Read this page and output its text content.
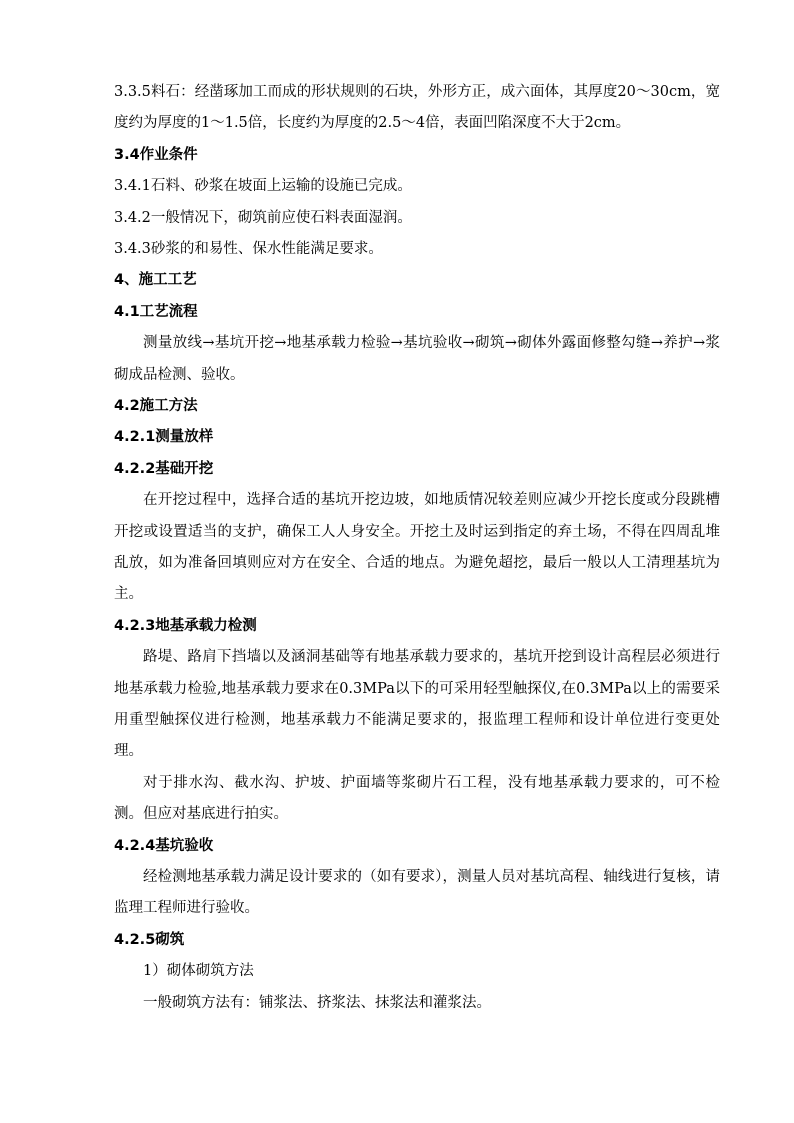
3.3.5料石：经凿琢加工而成的形状规则的石块，外形方正，成六面体，其厚度20～30cm，宽度约为厚度的1～1.5倍，长度约为厚度的2.5～4倍，表面凹陷深度不大于2cm。

3.4作业条件
3.4.1石料、砂浆在坡面上运输的设施已完成。
3.4.2一般情况下，砌筑前应使石料表面湿润。
3.4.3砂浆的和易性、保水性能满足要求。
4、施工工艺
4.1工艺流程

测量放线→基坑开挖→地基承载力检验→基坑验收→砌筑→砌体外露面修整勾缝→养护→浆砌成品检测、验收。

4.2施工方法
4.2.1测量放样
4.2.2基础开挖

在开挖过程中，选择合适的基坑开挖边坡，如地质情况较差则应减少开挖长度或分段跳槽开挖或设置适当的支护，确保工人人身安全。开挖土及时运到指定的弃土场，不得在四周乱堆乱放，如为准备回填则应对方在安全、合适的地点。为避免超挖，最后一般以人工清理基坑为主。

4.2.3地基承载力检测

路堤、路肩下挡墙以及涵洞基础等有地基承载力要求的，基坑开挖到设计高程层必须进行地基承载力检验,地基承载力要求在0.3MPa以下的可采用轻型触探仪,在0.3MPa以上的需要采用重型触探仪进行检测，地基承载力不能满足要求的，报监理工程师和设计单位进行变更处理。

对于排水沟、截水沟、护坡、护面墙等浆砌片石工程，没有地基承载力要求的，可不检测。但应对基底进行拍实。

4.2.4基坑验收

经检测地基承载力满足设计要求的（如有要求），测量人员对基坑高程、轴线进行复核，请监理工程师进行验收。

4.2.5砌筑
1）砌体砌筑方法
一般砌筑方法有：铺浆法、挤浆法、抹浆法和灌浆法。
